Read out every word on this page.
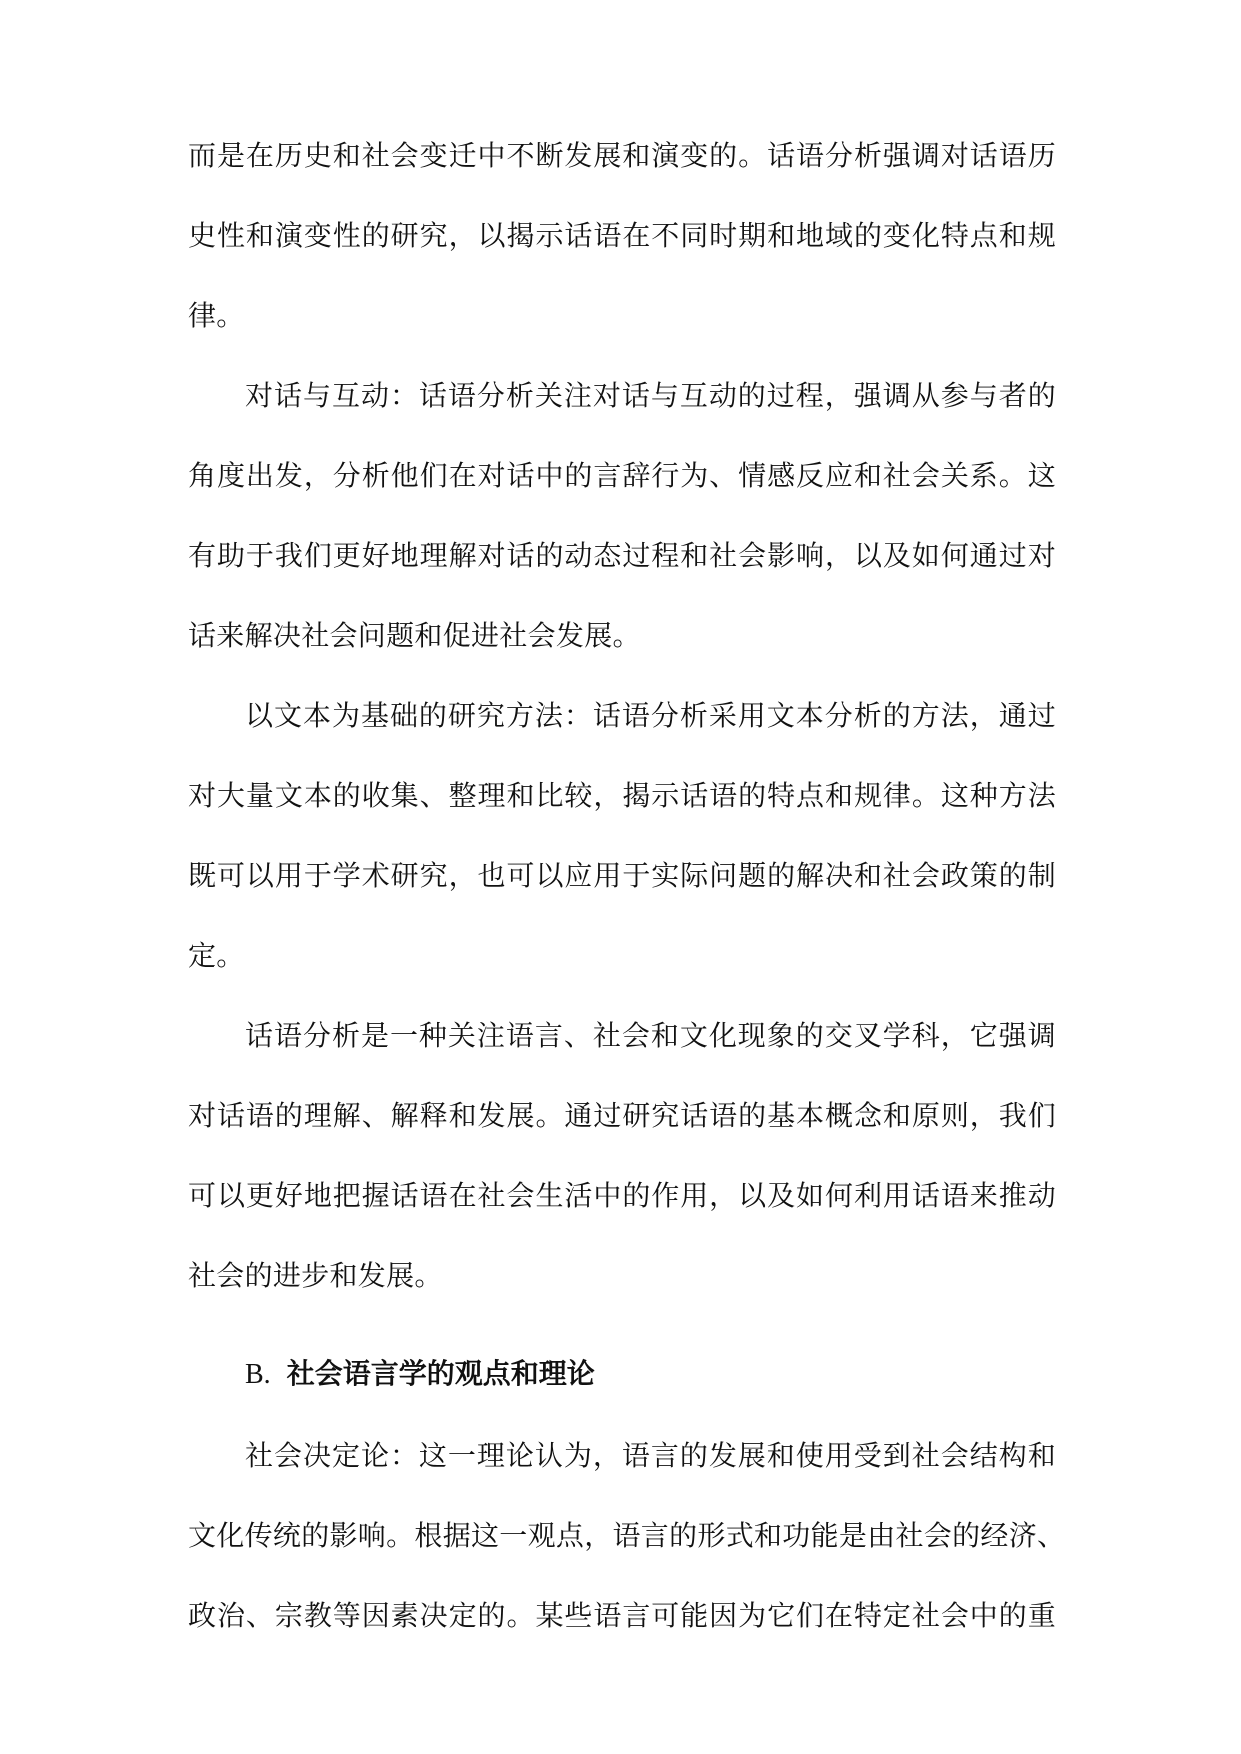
而是在历史和社会变迁中不断发展和演变的。话语分析强调对话语历
史性和演变性的研究，以揭示话语在不同时期和地域的变化特点和规
律。
对话与互动：话语分析关注对话与互动的过程，强调从参与者的
角度出发，分析他们在对话中的言辞行为、情感反应和社会关系。这
有助于我们更好地理解对话的动态过程和社会影响，以及如何通过对
话来解决社会问题和促进社会发展。
以文本为基础的研究方法：话语分析采用文本分析的方法，通过
对大量文本的收集、整理和比较，揭示话语的特点和规律。这种方法
既可以用于学术研究，也可以应用于实际问题的解决和社会政策的制
定。
话语分析是一种关注语言、社会和文化现象的交叉学科，它强调
对话语的理解、解释和发展。通过研究话语的基本概念和原则，我们
可以更好地把握话语在社会生活中的作用，以及如何利用话语来推动
社会的进步和发展。
B. 社会语言学的观点和理论
社会决定论：这一理论认为，语言的发展和使用受到社会结构和
文化传统的影响。根据这一观点，语言的形式和功能是由社会的经济、
政治、宗教等因素决定的。某些语言可能因为它们在特定社会中的重
